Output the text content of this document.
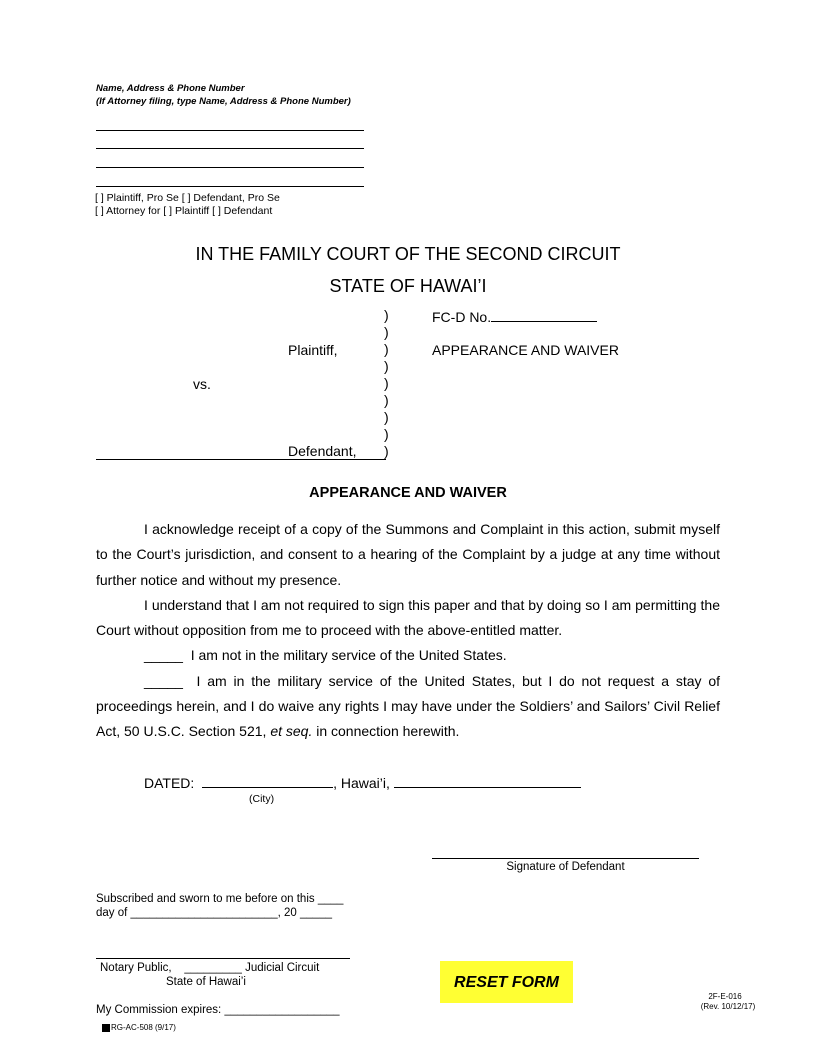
Name, Address & Phone Number
(If Attorney filing, type Name, Address & Phone Number)
[ ] Plaintiff, Pro Se [ ] Defendant, Pro Se
[ ] Attorney for [ ] Plaintiff [ ] Defendant
IN THE FAMILY COURT OF THE SECOND CIRCUIT
STATE OF HAWAI’I
)
)
)
)
)
)
)
)
)
Plaintiff,
vs.
Defendant,
FC-D No.
APPEARANCE AND WAIVER
APPEARANCE AND WAIVER

I acknowledge receipt of a copy of the Summons and Complaint in this action, submit myself to the Court’s jurisdiction, and consent to a hearing of the Complaint by a judge at any time without further notice and without my presence.

I understand that I am not required to sign this paper and that by doing so I am permitting the Court without opposition from me to proceed with the above-entitled matter.

_____ I am not in the military service of the United States.

_____ I am in the military service of the United States, but I do not request a stay of proceedings herein, and I do waive any rights I may have under the Soldiers’ and Sailors’ Civil Relief Act, 50 U.S.C. Section 521, et seq. in connection herewith.

DATED:	, Hawai’i,
(City)
Signature of Defendant
Subscribed and sworn to me before on this ____
day of _______________________, 20 _____
Notary Public, _________ Judicial Circuit
State of Hawai’i
My Commission expires: __________________
RESET FORM
RG-AC-508 (9/17)
2F-E-016
(Rev. 10/12/17)
